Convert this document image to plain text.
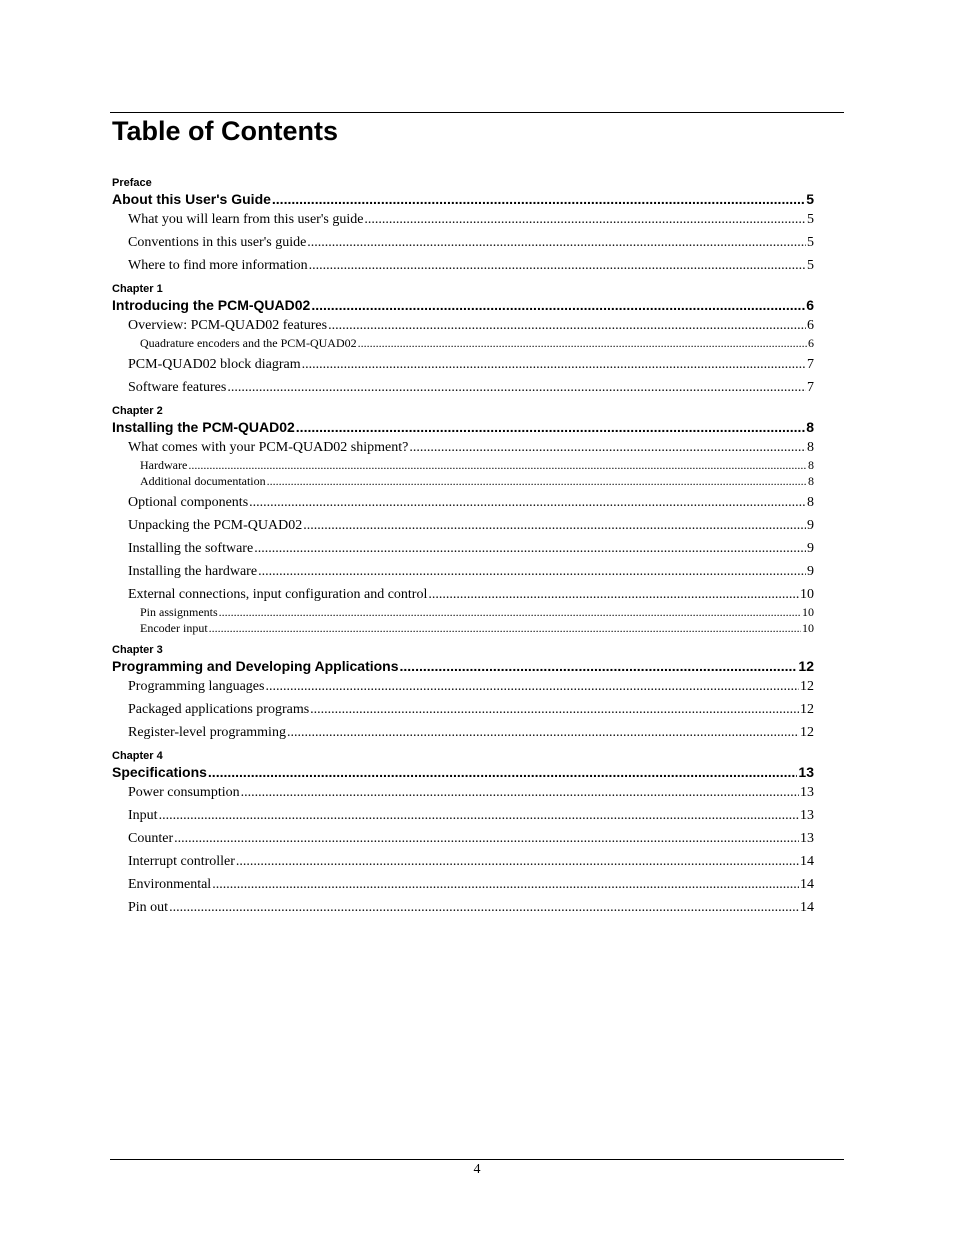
Table of Contents
Preface
About this User's Guide .....	5
What you will learn from this user's guide .....	5
Conventions in this user's guide .....	5
Where to find more information .....	5
Chapter 1
Introducing the PCM-QUAD02 .....	6
Overview: PCM-QUAD02 features .....	6
Quadrature encoders and the PCM-QUAD02 .....	6
PCM-QUAD02 block diagram .....	7
Software features .....	7
Chapter 2
Installing the PCM-QUAD02 .....	8
What comes with your PCM-QUAD02 shipment? .....	8
Hardware .....	8
Additional documentation .....	8
Optional components .....	8
Unpacking the PCM-QUAD02 .....	9
Installing the software .....	9
Installing the hardware .....	9
External connections, input configuration and control .....	10
Pin assignments .....	10
Encoder input .....	10
Chapter 3
Programming and Developing Applications .....	12
Programming languages .....	12
Packaged applications programs .....	12
Register-level programming .....	12
Chapter 4
Specifications .....	13
Power consumption .....	13
Input .....	13
Counter .....	13
Interrupt controller .....	14
Environmental .....	14
Pin out .....	14
4
